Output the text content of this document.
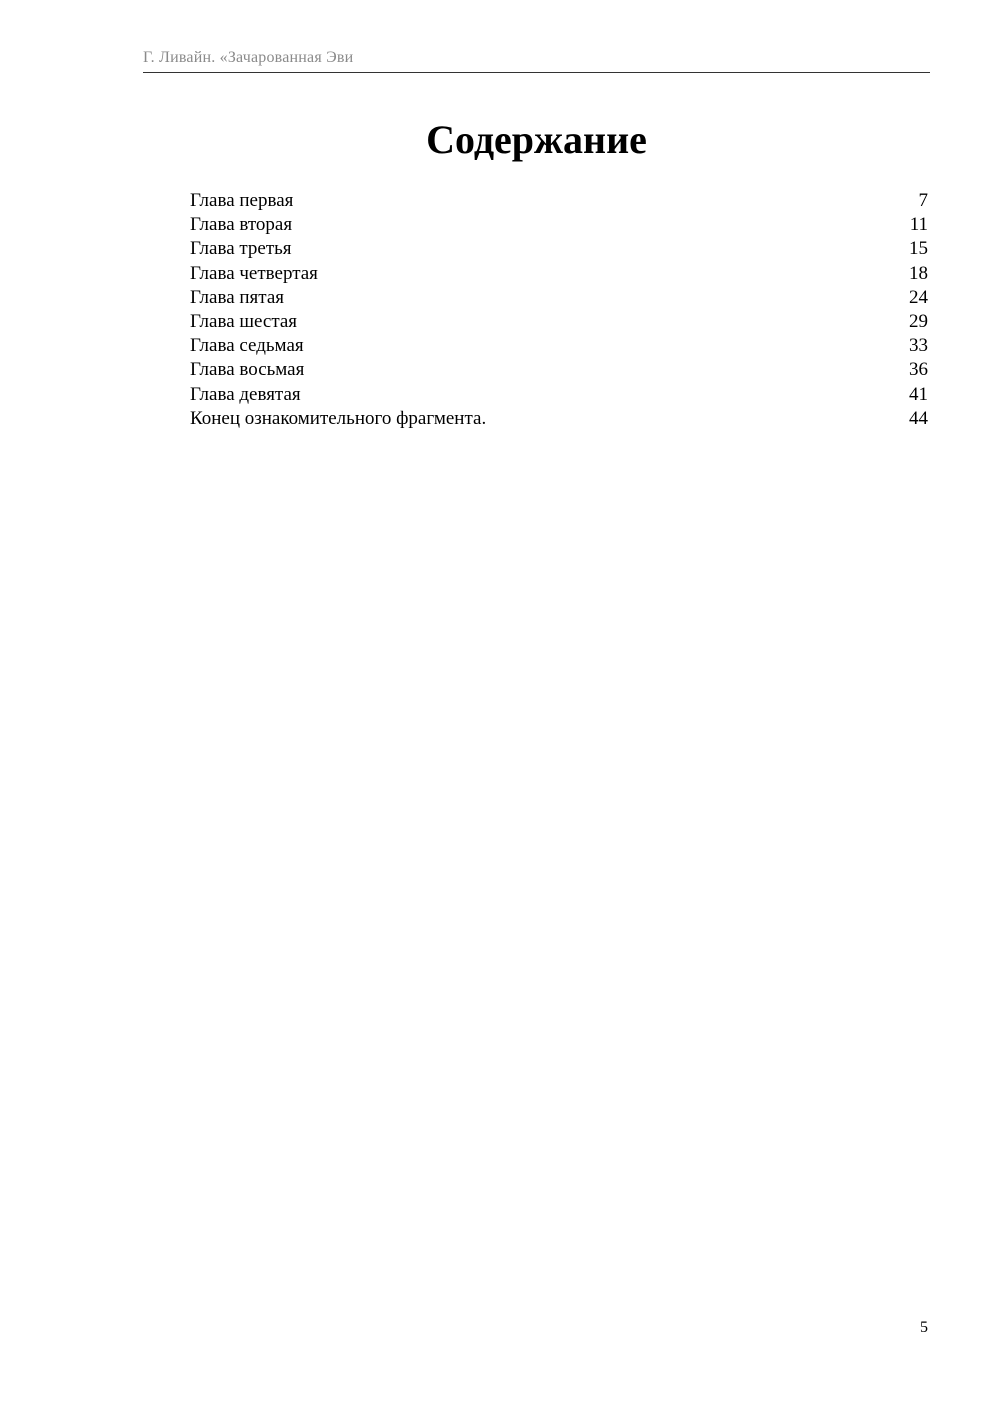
Г. Ливайн. «Зачарованная Эви
Содержание
Глава первая	7
Глава вторая	11
Глава третья	15
Глава четвертая	18
Глава пятая	24
Глава шестая	29
Глава седьмая	33
Глава восьмая	36
Глава девятая	41
Конец ознакомительного фрагмента.	44
5
